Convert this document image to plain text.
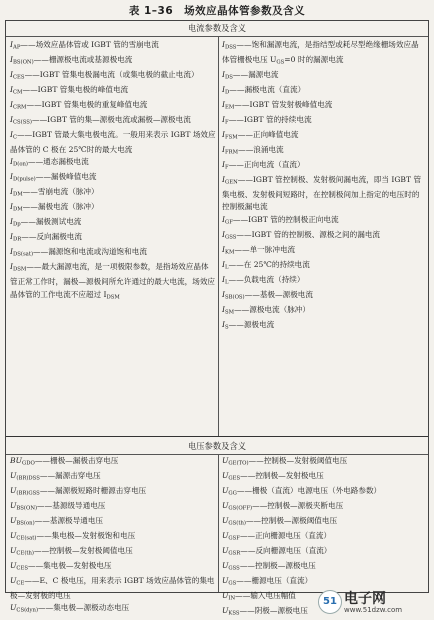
表 1–36　场效应晶体管参数及含义
电流参数及含义

$I_{AP}——$场效应晶体管或 IGBT 管的雪崩电流

$I_{BS(ON)}——$栅源极电流或基源极电流

$I_{CES}——IGBT$ 管集电极漏电流（或集电极的截止电流）

$I_{CM}——IGBT$ 管集电极的峰值电流

$I_{CRM}——IGBT$ 管集电极的重复峰值电流

$I_{CS(SS)}——IGBT$ 管的集—源极电流或漏极—源极电流

$I_C——IGBT$ 管最大集电极电流。一般用来表示 IGBT 场效应晶体管的 C 极在 25℃时的最大电流

$I_{D(on)}——$通态漏极电流

$I_{D(pulse)}——$漏极峰值电流

$I_{DM}——$雪崩电流（脉冲）

$I_{DM}——$漏极电流（脉冲）

$I_{Dp}——$漏极测试电流

$I_{DR}——$反向漏极电流

$I_{DS(sat)}——$漏源饱和电流或沟道饱和电流

$I_{DSM}——$最大漏源电流，是一项极限参数，是指场效应晶体管正常工作时，漏极—源极间所允许通过的最大电流，场效应晶体管的工作电流不应超过 $I_{DSM}$

$I_{DSS}——$饱和漏源电流，是指结型或耗尽型绝缘栅场效应晶体管栅极电压 $U_{GS}=0$ 时的漏源电流

$I_{DS}——$漏源电流

$I_D——$漏极电流（直流）

$I_{EM}——IGBT$ 管发射极峰值电流

$I_F——IGBT$ 管的持续电流

$I_{FSM}——$正向峰值电流

$I_{FRM}——$浪涌电流

$I_F——$正向电流（直流）

$I_{GEN}——IGBT$ 管控制极、发射极间漏电流，即当 IGBT 管集电极、发射极间短路时，在控制极间加上指定的电压时的控制极漏电流

$I_{GF}——IGBT$ 管的控制极正向电流

$I_{GSS}——IGBT$ 管的控制极、源极之间的漏电流

$I_{KM}——$单一脉冲电流

$I_L——$在 25℃的持续电流

$I_L——$负载电流（持续）

$I_{SB(OS)}——$基极—源极电流

$I_{SM}——$源极电流（脉冲）

$I_S——$源极电流

电压参数及含义

$BU_{GDO}——$栅极—漏极击穿电压

$U_{(BR)DSS}——$漏源击穿电压

$U_{(BR)GSS}——$漏源极短路时栅源击穿电压

$U_{BS(ON)}——$基源级导通电压

$U_{BS(on)}——$基源极导通电压

$U_{CE(sat)}——$集电极—发射极饱和电压

$U_{CE(th)}——$控制极—发射极阈值电压

$U_{CES}——$集电极—发射极电压

$U_{CE}——E$、C 极电压，用来表示 IGBT 场效应晶体管的集电极—发射极的电压

$U_{CS(dyn)}——$集电极—源极动态电压

$U_{GE(TO)}——$控制极—发射极阈值电压

$U_{GES}——$控制极—发射极电压

$U_{GG}——$栅极（直流）电源电压（外电路参数）

$U_{GS(OFF)}——$控制极—源极夹断电压

$U_{GS(th)}——$控制极—源极阈值电压

$U_{GSF}——$正向栅源电压（直流）

$U_{GSR}——$反向栅源电压（直流）

$U_{GSS}——$控制极—源极电压

$U_{GS}——$栅源电压（直流）

$U_{IN}——$输入电压幅值

$U_{KSS}——$阴极—源极电压

51 电子网
www.51dzw.com
